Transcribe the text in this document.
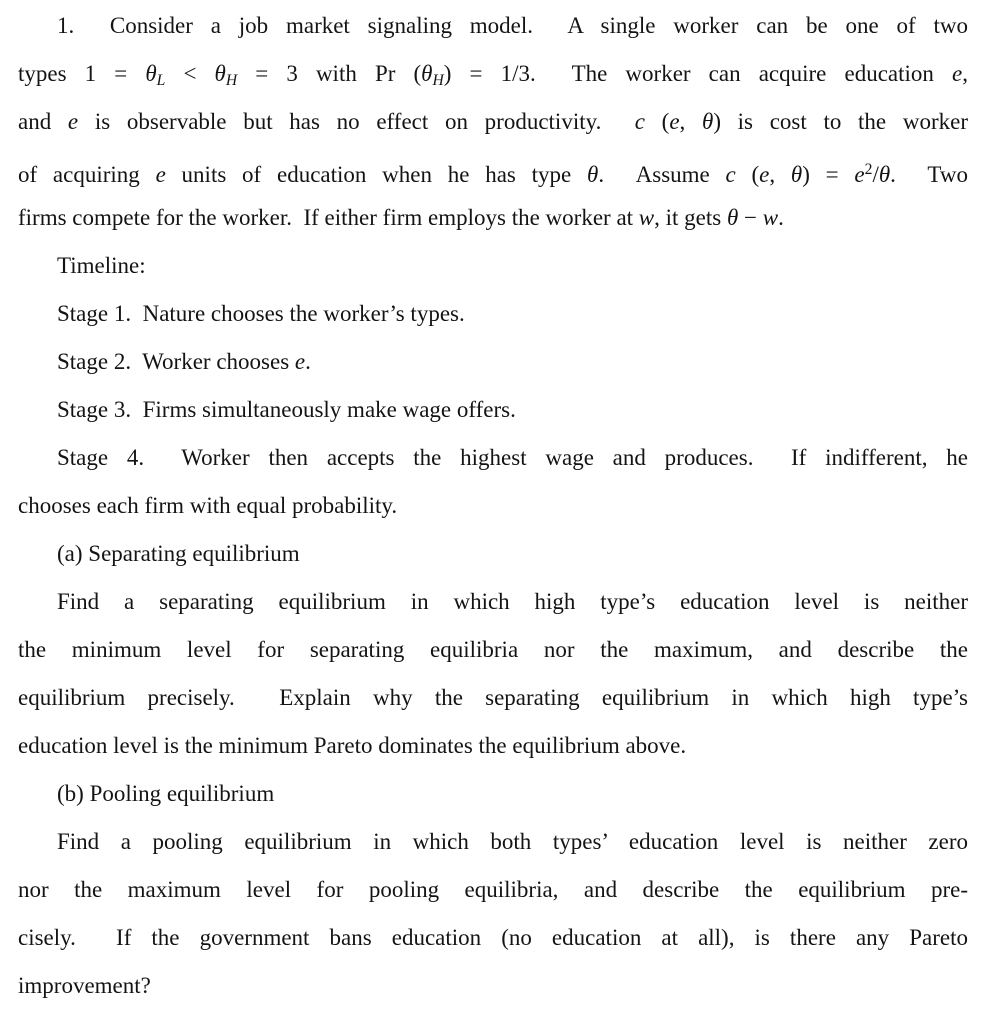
1.  Consider a job market signaling model.  A single worker can be one of two
types 1 = θL < θH = 3 with Pr (θH) = 1/3.  The worker can acquire education e,
and e is observable but has no effect on productivity.  c (e, θ) is cost to the worker
of acquiring e units of education when he has type θ.  Assume c (e, $\theta) = e^2/\theta$.  Two
firms compete for the worker.  If either firm employs the worker at w, it gets θ − w.
Timeline:
Stage 1.  Nature chooses the worker’s types.
Stage 2.  Worker chooses e.
Stage 3.  Firms simultaneously make wage offers.
Stage 4.  Worker then accepts the highest wage and produces.  If indifferent, he
chooses each firm with equal probability.
(a) Separating equilibrium
Find a separating equilibrium in which high type’s education level is neither
the minimum level for separating equilibria nor the maximum, and describe the
equilibrium precisely.  Explain why the separating equilibrium in which high type’s
education level is the minimum Pareto dominates the equilibrium above.
(b) Pooling equilibrium
Find a pooling equilibrium in which both types’ education level is neither zero
nor the maximum level for pooling equilibria, and describe the equilibrium pre-
cisely.  If the government bans education (no education at all), is there any Pareto
improvement?
